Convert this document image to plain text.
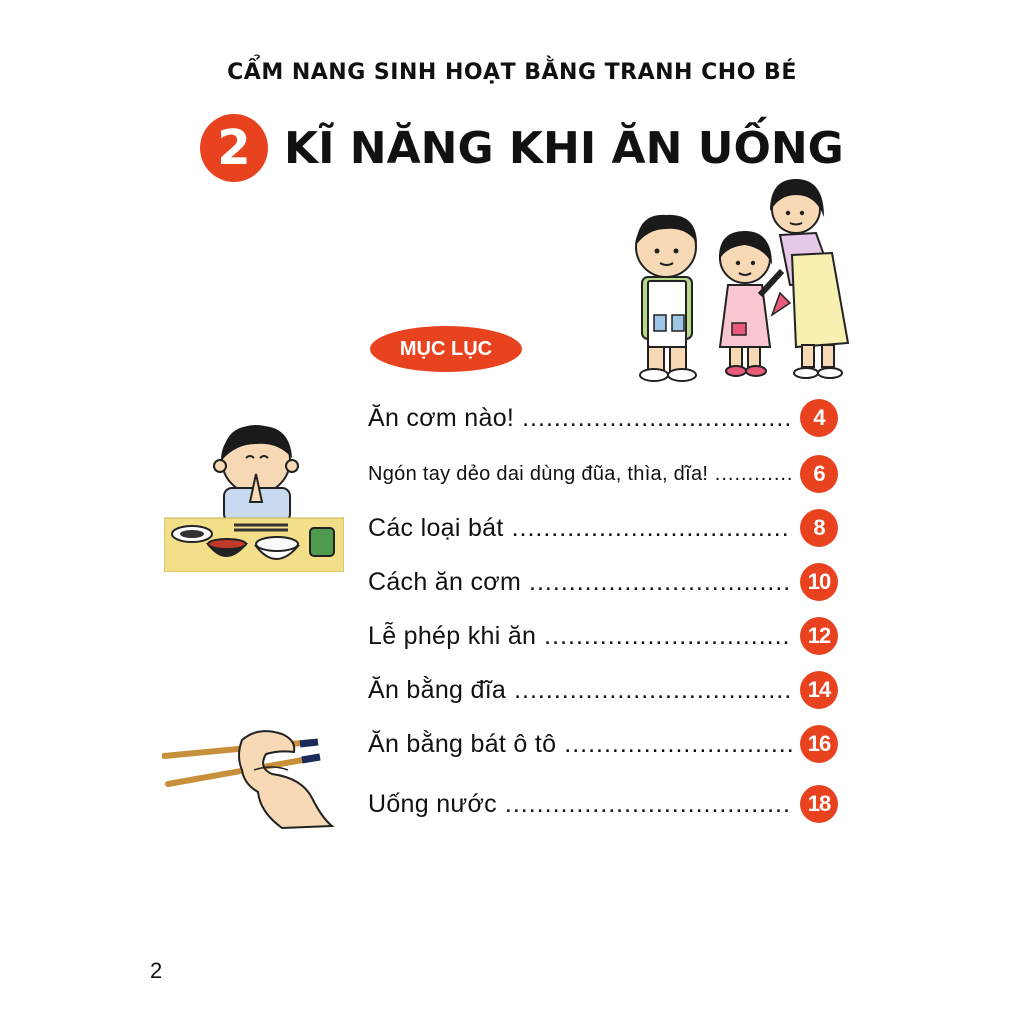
CẨM NANG SINH HOẠT BẰNG TRANH CHO BÉ
2 KĨ NĂNG KHI ĂN UỐNG
MỤC LỤC
Ăn cơm nào! .....	4
Ngón tay dẻo dai dùng đũa, thìa, dĩa! .....	6
Các loại bát .....	8
Cách ăn cơm .....	10
Lễ phép khi ăn .....	12
Ăn bằng đĩa .....	14
Ăn bằng bát ô tô .....	16
Uống nước .....	18
2
